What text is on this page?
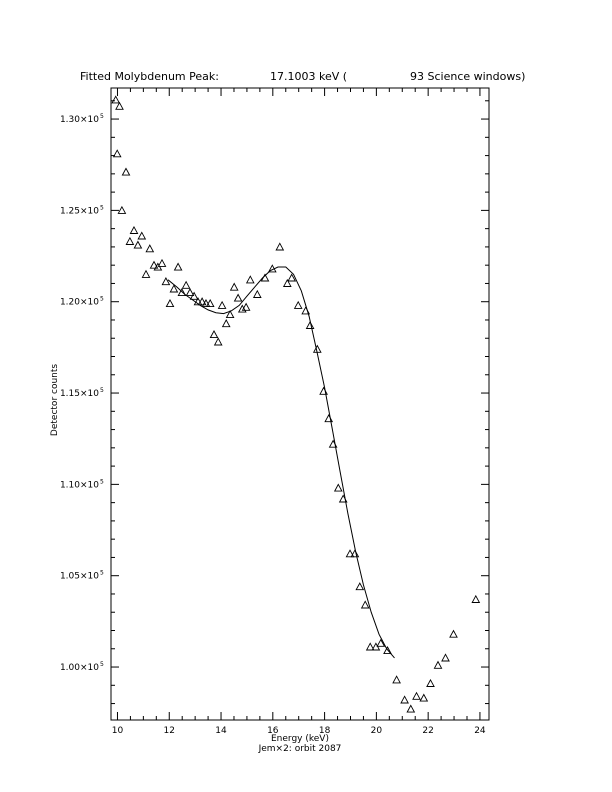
Fitted Molybdenum Peak:	17.1003 keV (	93 Science windows)
10	12	14	16	18	20	22	24
1.00×10 5
1.05×10 5
1.10×10 5
1.15×10 5
1.20×10 5
1.25×10 5
1.30×10 5
Energy (keV)
Jem×2: orbit 2087
Detector counts
